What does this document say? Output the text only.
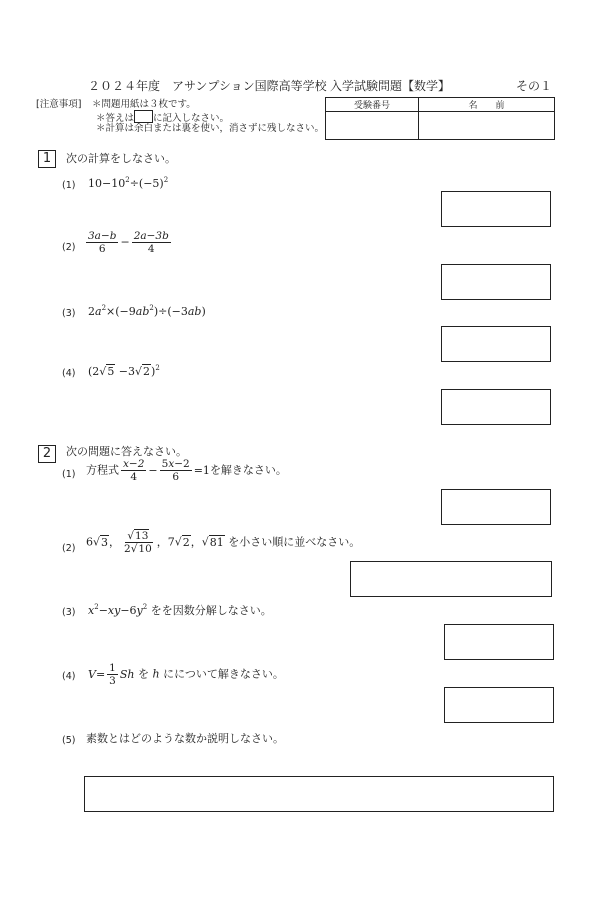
２０２４年度　アサンプション国際高等学校 入学試験問題【数学】	その１
[注意事項] ＊問題用紙は３枚です。
＊答えは に記入しなさい。
＊計算は余白または裏を使い，消さずに残しなさい。
受験番号	名　　前

1	次の計算をしなさい。
(1) $10-10^2\div(-5)^2$
$(2) \frac{3a-b}{6} - \frac{2a-3b}{4}$
(3) $2a^2\times(-9ab^2)\div(-3ab)$
(4) $(2√5 -3√2)^2$
2	次の問題に答えなさい。
(1) 方程式 $\frac{x-2}{4} - \frac{5x-2}{6} =1$を解きなさい。
(2) 6√3， $\frac{√13}{2√10}$ ，7√2，√81 を小さい順に並べなさい。
(3) $x^2-xy-6y^2$ をを因数分解しなさい。
(4) $V= \frac{1}{3}$ Sh を h にについて解きなさい。
(5) 素数とはどのような数か説明しなさい。
